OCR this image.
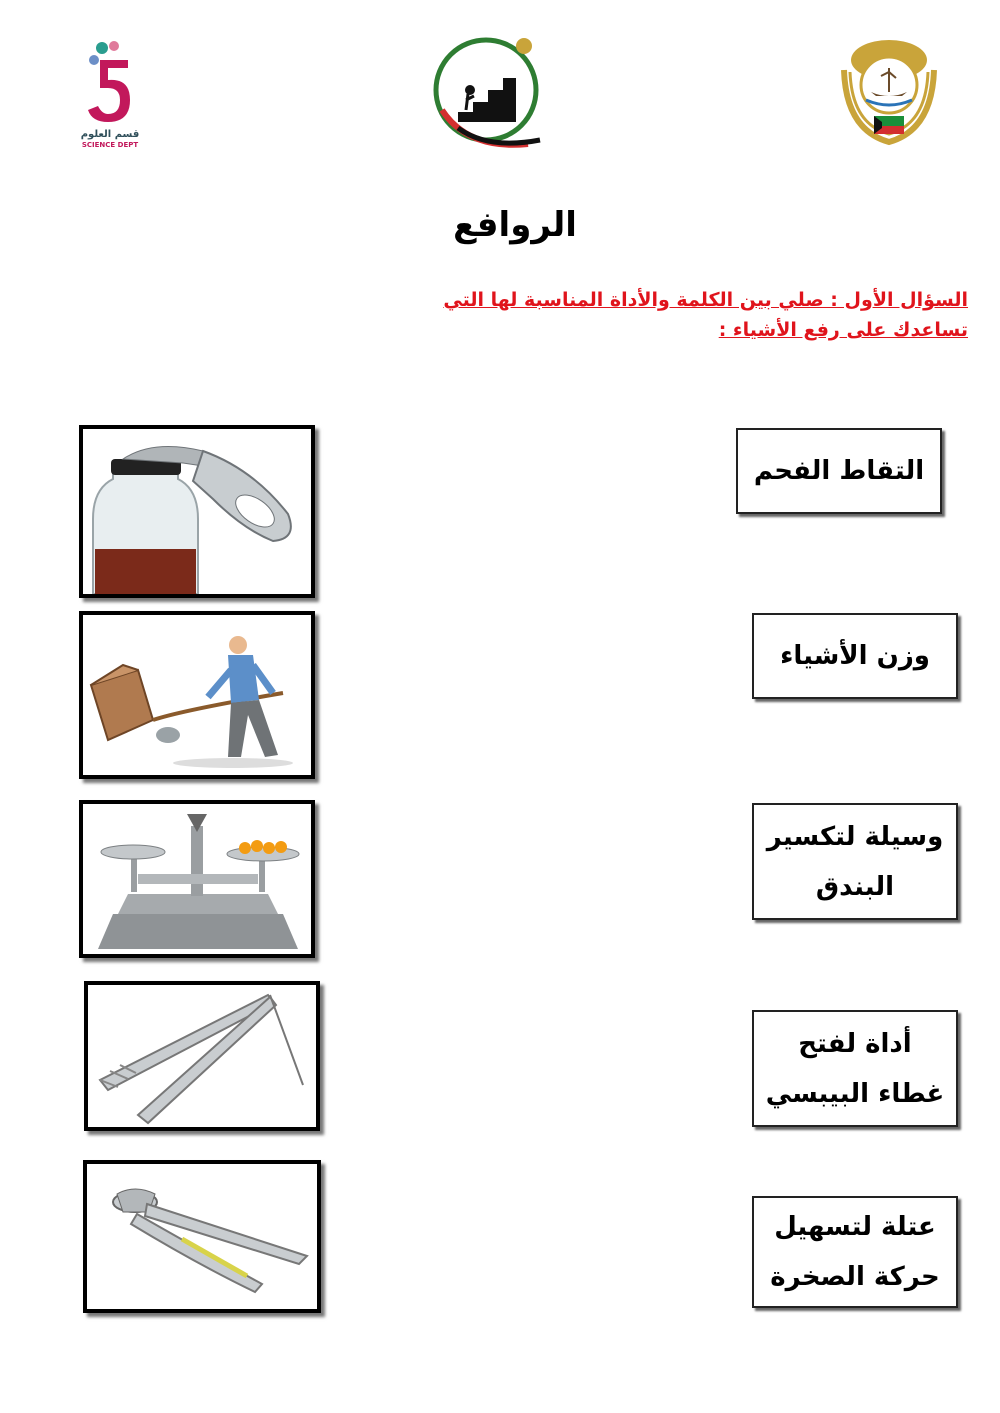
قسم العلوم
SCIENCE DEPT
الروافع
السؤال الأول : صلي بين الكلمة والأداة المناسبة لها التي
تساعدك على رفع الأشياء :
التقاط الفحم
وزن الأشياء
وسيلة لتكسير
البندق
أداة لفتح
غطاء البيبسي
عتلة لتسهيل
حركة الصخرة
